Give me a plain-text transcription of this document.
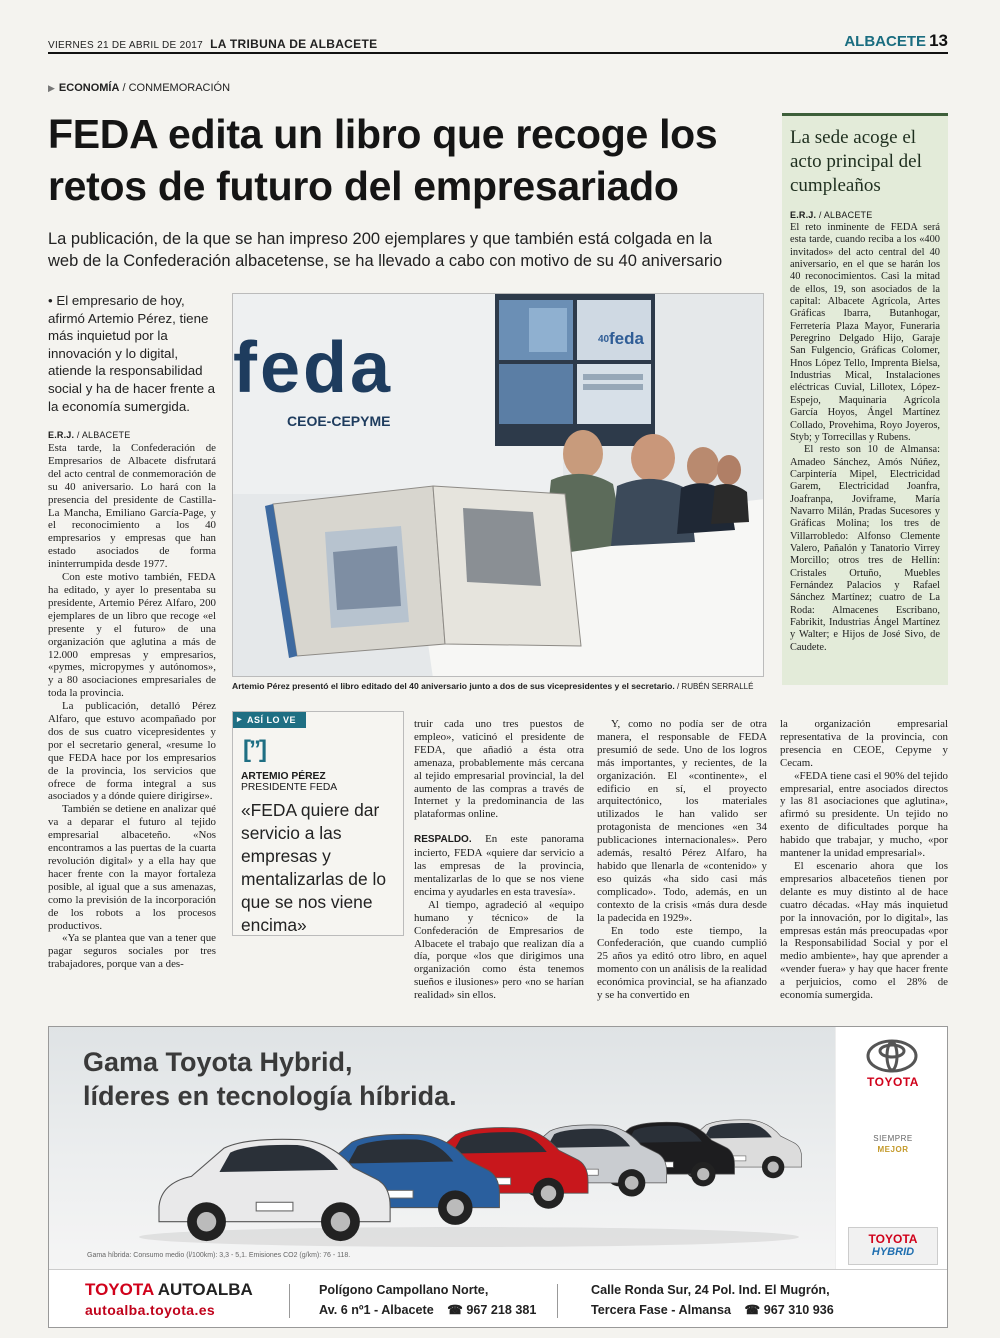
VIERNES 21 DE ABRIL DE 2017 LA TRIBUNA DE ALBACETE	ALBACETE 13
▶ ECONOMÍA / CONMEMORACIÓN
FEDA edita un libro que recoge los
retos de futuro del empresariado
La publicación, de la que se han impreso 200 ejemplares y que también está colgada en la
web de la Confederación albacetense, se ha llevado a cabo con motivo de su 40 aniversario
• El empresario de hoy, afirmó Artemio Pérez, tiene más inquietud por la innovación y lo digital, atiende la responsabilidad social y ha de hacer frente a la economía sumergida.
E.R.J. / ALBACETE

Esta tarde, la Confederación de Empresarios de Albacete disfrutará del acto central de conmemoración de su 40 aniversario. Lo hará con la presencia del presidente de Castilla-La Mancha, Emiliano García-Page, y el reconocimiento a los 40 empresarios y empresas que han estado asociados de forma ininterrumpida desde 1977.

Con este motivo también, FEDA ha editado, y ayer lo presentaba su presidente, Artemio Pérez Alfaro, 200 ejemplares de un libro que recoge «el presente y el futuro» de una organización que aglutina a más de 12.000 empresas y empresarios, «pymes, micropymes y autónomos», y a 80 asociaciones empresariales de toda la provincia.

La publicación, detalló Pérez Alfaro, que estuvo acompañado por dos de sus cuatro vicepresidentes y por el secretario general, «resume lo que FEDA hace por los empresarios de la provincia, los servicios que ofrece de forma integral a sus asociados y a dónde quiere dirigirse».

También se detiene en analizar qué va a deparar el futuro al tejido empresarial albaceteño. «Nos encontramos a las puertas de la cuarta revolución digital» y a ella hay que hacer frente con la mayor fortaleza posible, al igual que a sus amenazas, como la previsión de la incorporación de los robots a los procesos productivos.

«Ya se plantea que van a tener que pagar seguros sociales por tres trabajadores, porque van a des-

40 feda
feda
CEOE-CEPYME
Artemio Pérez presentó el libro editado del 40 aniversario junto a dos de sus vicepresidentes y el secretario. / RUBÉN SERRALLÉ
La sede acoge el acto principal del cumpleaños
E.R.J. / ALBACETE

El reto inminente de FEDA será esta tarde, cuando reciba a los «400 invitados» del acto central del 40 aniversario, en el que se harán los 40 reconocimientos. Casi la mitad de ellos, 19, son asociados de la capital: Albacete Agrícola, Artes Gráficas Ibarra, Butanhogar, Ferretería Plaza Mayor, Funeraria Peregrino Delgado Hijo, Garaje San Fulgencio, Gráficas Colomer, Hnos López Tello, Imprenta Bielsa, Industrias Mical, Instalaciones eléctricas Cuvial, Lillotex, López-Espejo, Maquinaria Agrícola García Hoyos, Ángel Martínez Collado, Provehima, Royo Joyeros, Styb; y Torrecillas y Rubens.

El resto son 10 de Almansa: Amadeo Sánchez, Amós Núñez, Carpintería Mipel, Electricidad Garem, Electricidad Joanfra, Joafranpa, Joviframe, María Navarro Milán, Pradas Sucesores y Gráficas Molina; los tres de Villarrobledo: Alfonso Clemente Valero, Pañalón y Tanatorio Virrey Morcillo; otros tres de Hellín: Cristales Ortuño, Muebles Fernández Palacios y Rafael Sánchez Martínez; cuatro de La Roda: Almacenes Escribano, Fabrikit, Industrias Ángel Martínez y Walter; e Hijos de José Sivo, de Caudete.

▶ ASÍ LO VE
[”]
ARTEMIO PÉREZ
PRESIDENTE FEDA
«FEDA quiere dar servicio a las empresas y mentalizarlas de lo que se nos viene encima»

truir cada uno tres puestos de empleo», vaticinó el presidente de FEDA, que añadió a ésta otra amenaza, probablemente más cercana al tejido empresarial provincial, la del aumento de las compras a través de Internet y la predominancia de las plataformas online.

RESPALDO. En este panorama incierto, FEDA «quiere dar servicio a las empresas de la provincia, mentalizarlas de lo que se nos viene encima y ayudarles en esta travesía».

Al tiempo, agradeció al «equipo humano y técnico» de la Confederación de Empresarios de Albacete el trabajo que realizan día a día, porque «los que dirigimos una organización como ésta tenemos sueños e ilusiones» pero «no se harían realidad» sin ellos.

Y, como no podía ser de otra manera, el responsable de FEDA presumió de sede. Uno de los logros más importantes, y recientes, de la organización. El «continente», el edificio en sí, el proyecto arquitectónico, los materiales utilizados le han valido ser protagonista de menciones «en 34 publicaciones internacionales». Pero además, resaltó Pérez Alfaro, ha habido que llenarla de «contenido» y eso quizás «ha sido casi más complicado». Todo, además, en un contexto de la crisis «más dura desde la padecida en 1929».

En todo este tiempo, la Confederación, que cuando cumplió 25 años ya editó otro libro, en aquel momento con un análisis de la realidad económica provincial, se ha afianzado y se ha convertido en

la organización empresarial representativa de la provincia, con presencia en CEOE, Cepyme y Cecam.

«FEDA tiene casi el 90% del tejido empresarial, entre asociados directos y las 81 asociaciones que aglutina», afirmó su presidente. Un tejido no exento de dificultades porque ha habido que trabajar, y mucho, «por mantener la unidad empresarial».

El escenario ahora que los empresarios albaceteños tienen por delante es muy distinto al de hace cuatro décadas. «Hay más inquietud por la innovación, por lo digital», las empresas están más preocupadas «por la Responsabilidad Social y por el medio ambiente», hay que aprender a «vender fuera» y hay que hacer frente a perjuicios, como el 28% de economía sumergida.

Gama Toyota Hybrid,
líderes en tecnología híbrida.
Gama híbrida: Consumo medio (l/100km): 3,3 - 5,1. Emisiones CO2 (g/km): 76 - 118.
TOYOTA
SIEMPRE
MEJOR
TOYOTA
HYBRID
TOYOTA AUTOALBA
autoalba.toyota.es
Polígono Campollano Norte,
Av. 6 nº1 - Albacete ☎ 967 218 381
Calle Ronda Sur, 24 Pol. Ind. El Mugrón,
Tercera Fase - Almansa ☎ 967 310 936
